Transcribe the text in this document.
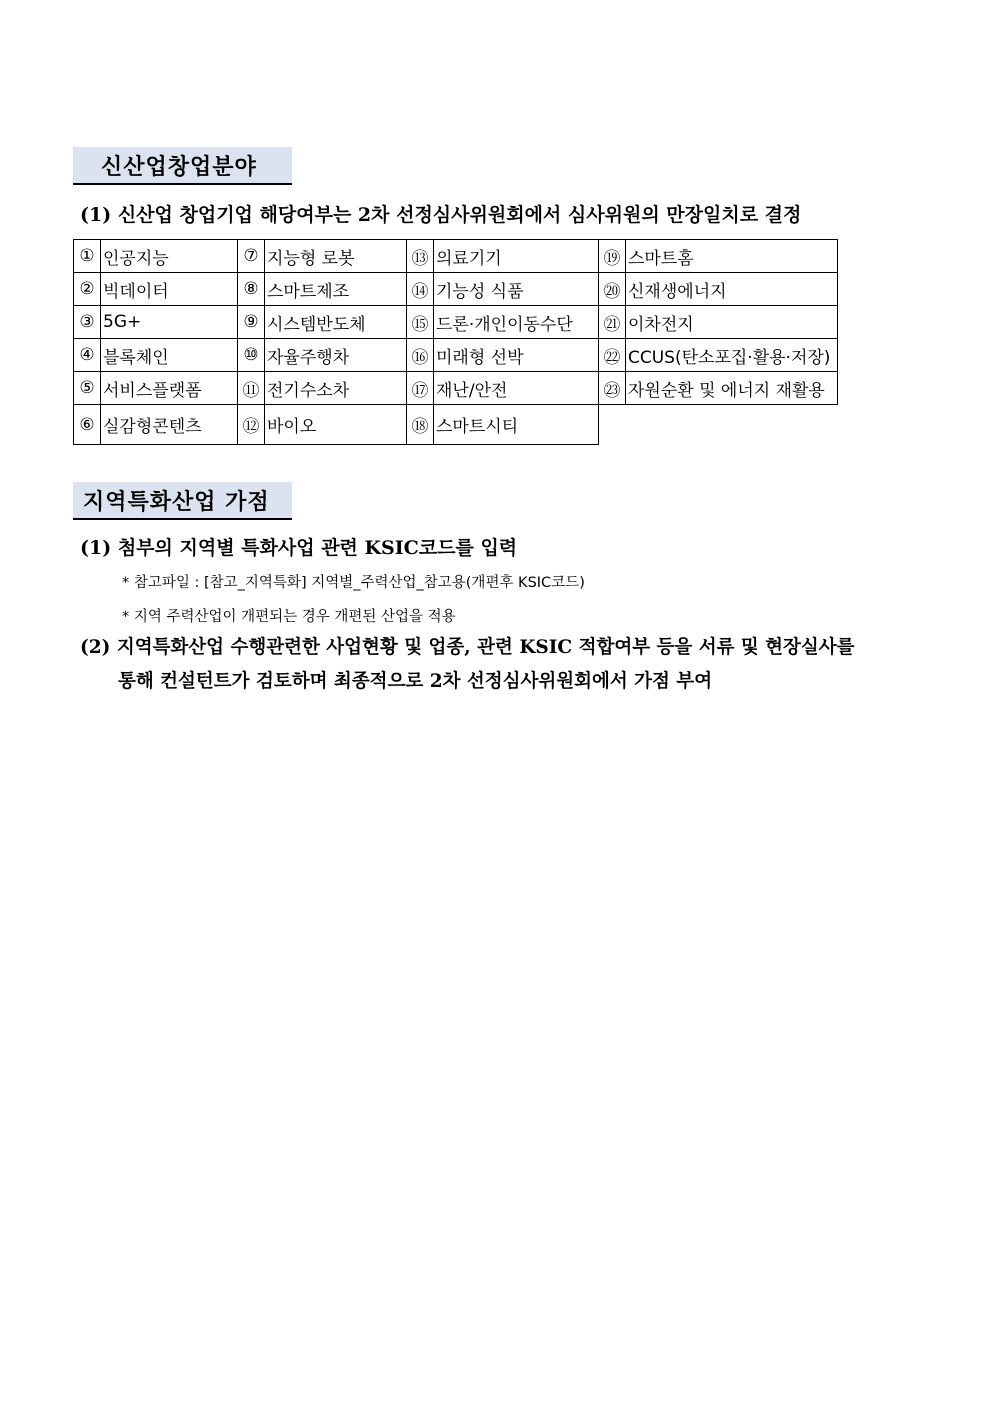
신산업창업분야
(1) 신산업 창업기업 해당여부는 2차 선정심사위원회에서 심사위원의 만장일치로 결정
①	인공지능	⑦	지능형 로봇	⑬	의료기기	⑲	스마트홈
②	빅데이터	⑧	스마트제조	⑭	기능성 식품	⑳	신재생에너지
③	5G+	⑨	시스템반도체	⑮	드론·개인이동수단	㉑	이차전지
④	블록체인	⑩	자율주행차	⑯	미래형 선박	㉒	CCUS(탄소포집·활용·저장)
⑤	서비스플랫폼	⑪	전기수소차	⑰	재난/안전	㉓	자원순환 및 에너지 재활용
⑥	실감형콘텐츠	⑫	바이오	⑱	스마트시티		
지역특화산업 가점
(1) 첨부의 지역별 특화사업 관련 KSIC코드를 입력
* 참고파일 : [참고_지역특화] 지역별_주력산업_참고용(개편후 KSIC코드)
* 지역 주력산업이 개편되는 경우 개편된 산업을 적용
(2) 지역특화산업 수행관련한 사업현황 및 업종, 관련 KSIC 적합여부 등을 서류 및 현장실사를
통해 컨설턴트가 검토하며 최종적으로 2차 선정심사위원회에서 가점 부여
